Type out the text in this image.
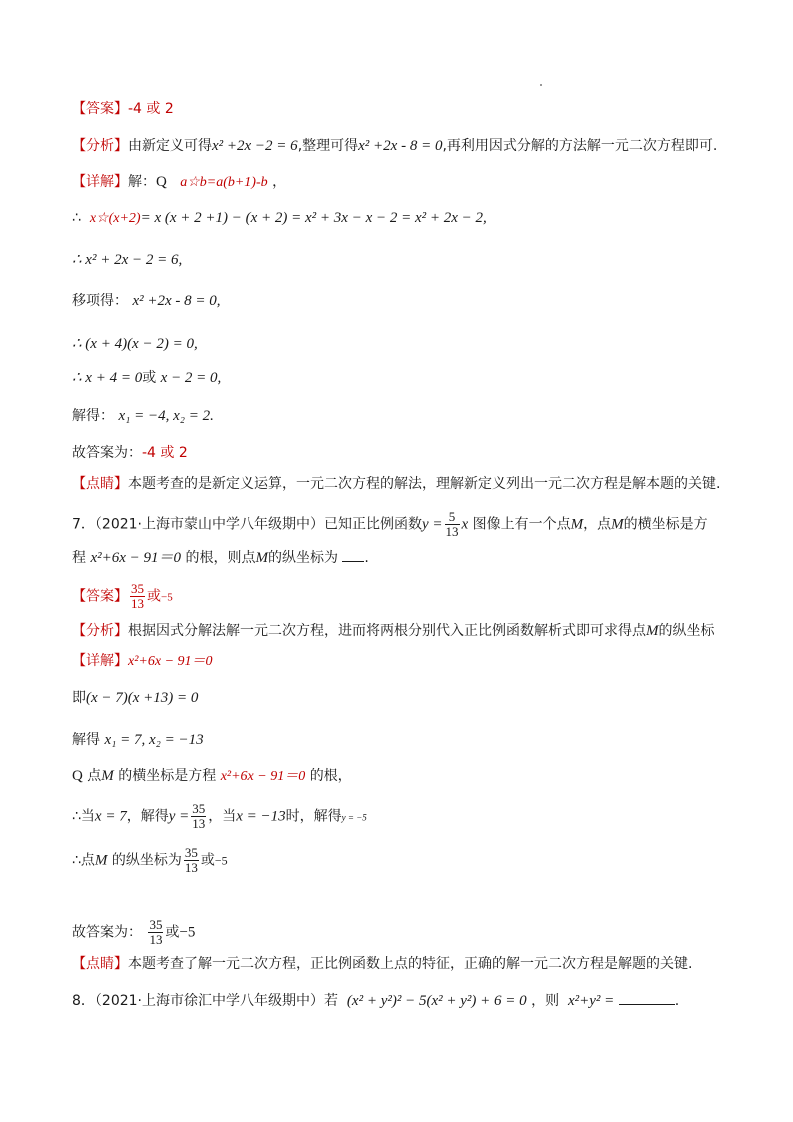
【答案】-4 或 2
【分析】由新定义可得x² +2x −2 = 6,整理可得x² +2x - 8 = 0,再利用因式分解的方法解一元二次方程即可.
【详解】解：Q a☆b=a(b+1)-b ，
∴ x☆(x+2)= x (x + 2 +1) − (x + 2) = x² + 3x − x − 2 = x² + 2x − 2,
∴ x² + 2x − 2 = 6,
移项得： x² +2x - 8 = 0,
∴ (x + 4)(x − 2) = 0,
∴ x + 4 = 0或 x − 2 = 0,
解得： x₁ = −4, x₂ = 2.
故答案为：-4 或 2
【点睛】本题考查的是新定义运算，一元二次方程的解法，理解新定义列出一元二次方程是解本题的关键.
7．（2021·上海市蒙山中学八年级期中）已知正比例函数$y = \frac{5}{13}$ x 图像上有一个点M，点M的横坐标是方
程 x²+6x − 91＝0 的根，则点M的纵坐标为 .
【答案】 $\frac{35}{13}$ 或−5
【分析】根据因式分解法解一元二次方程，进而将两根分别代入正比例函数解析式即可求得点M的纵坐标
【详解】x²+6x − 91＝0
即(x − 7)(x +13) = 0
解得 x₁ = 7, x₂ = −13
Q 点M 的横坐标是方程 x²+6x − 91＝0 的根，
∴当x = 7，解得$y = \frac{35}{13}$ ，当x = −13时，解得y = −5
∴点M 的纵坐标为 $\frac{35}{13}$ 或−5
故答案为： $\frac{35}{13}$ 或−5
【点睛】本题考查了解一元二次方程，正比例函数上点的特征，正确的解一元二次方程是解题的关键.
8．（2021·上海市徐汇中学八年级期中）若 (x² + y²)² − 5(x² + y²) + 6 = 0 ，则 x²+y² =	.
